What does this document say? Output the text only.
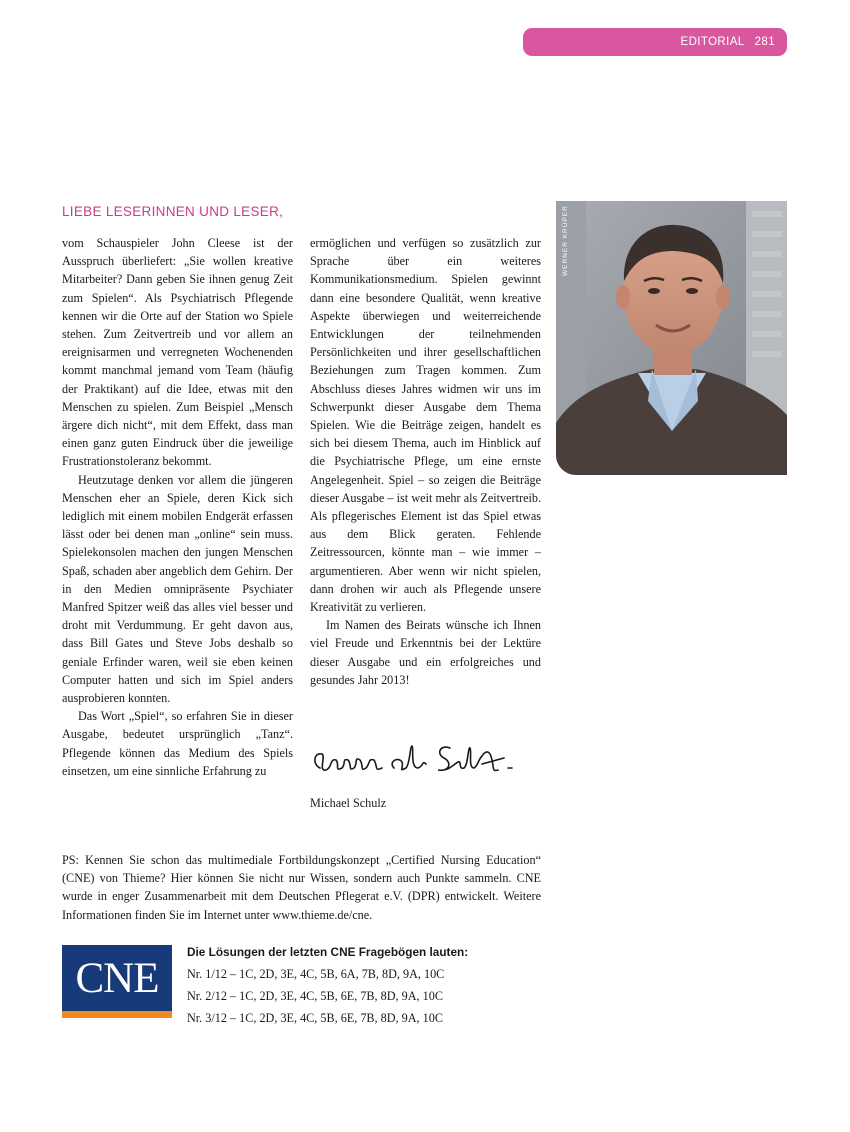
EDITORIAL 281
LIEBE LESERINNEN UND LESER,

vom Schauspieler John Cleese ist der Ausspruch überliefert: „Sie wollen kreative Mitarbeiter? Dann geben Sie ihnen genug Zeit zum Spielen“. Als Psychiatrisch Pflegende kennen wir die Orte auf der Station wo Spiele stehen. Zum Zeitvertreib und vor allem an ereignisarmen und verregneten Wochenenden kommt manchmal jemand vom Team (häufig der Praktikant) auf die Idee, etwas mit den Menschen zu spielen. Zum Beispiel „Mensch ärgere dich nicht“, mit dem Effekt, dass man einen ganz guten Eindruck über die jeweilige Frustrationstoleranz bekommt.

Heutzutage denken vor allem die jüngeren Menschen eher an Spiele, deren Kick sich lediglich mit einem mobilen Endgerät erfassen lässt oder bei denen man „online“ sein muss. Spielekonsolen machen den jungen Menschen Spaß, schaden aber angeblich dem Gehirn. Der in den Medien omnipräsente Psychiater Manfred Spitzer weiß das alles viel besser und droht mit Verdummung. Er geht davon aus, dass Bill Gates und Steve Jobs deshalb so geniale Erfinder waren, weil sie eben keinen Computer hatten und sich im Spiel anders ausprobieren konnten.

Das Wort „Spiel“, so erfahren Sie in dieser Ausgabe, bedeutet ursprünglich „Tanz“. Pflegende können das Medium des Spiels einsetzen, um eine sinnliche Erfahrung zu

ermöglichen und verfügen so zusätzlich zur Sprache über ein weiteres Kommunikationsmedium. Spielen gewinnt dann eine besondere Qualität, wenn kreative Aspekte überwiegen und weiterreichende Entwicklungen der teilnehmenden Persönlichkeiten und ihrer gesellschaftlichen Beziehungen zum Tragen kommen. Zum Abschluss dieses Jahres widmen wir uns im Schwerpunkt dieser Ausgabe dem Thema Spielen. Wie die Beiträge zeigen, handelt es sich bei diesem Thema, auch im Hinblick auf die Psychiatrische Pflege, um eine ernste Angelegenheit. Spiel – so zeigen die Beiträge dieser Ausgabe – ist weit mehr als Zeitvertreib. Als pflegerisches Element ist das Spiel etwas aus dem Blick geraten. Fehlende Zeitressourcen, könnte man – wie immer – argumentieren. Aber wenn wir nicht spielen, dann drohen wir auch als Pflegende unsere Kreativität zu verlieren.

Im Namen des Beirats wünsche ich Ihnen viel Freude und Erkenntnis bei der Lektüre dieser Ausgabe und ein erfolgreiches und gesundes Jahr 2013!

Michael Schulz
WERNER KRÜPER
PS: Kennen Sie schon das multimediale Fortbildungskonzept „Certified Nursing Education“ (CNE) von Thieme? Hier können Sie nicht nur Wissen, sondern auch Punkte sammeln. CNE wurde in enger Zusammenarbeit mit dem Deutschen Pflegerat e.V. (DPR) entwickelt. Weitere Informationen finden Sie im Internet unter www.thieme.de/cne.
CNE
Die Lösungen der letzten CNE Fragebögen lauten:
Nr. 1/12 – 1C, 2D, 3E, 4C, 5B, 6A, 7B, 8D, 9A, 10C
Nr. 2/12 – 1C, 2D, 3E, 4C, 5B, 6E, 7B, 8D, 9A, 10C
Nr. 3/12 – 1C, 2D, 3E, 4C, 5B, 6E, 7B, 8D, 9A, 10C
